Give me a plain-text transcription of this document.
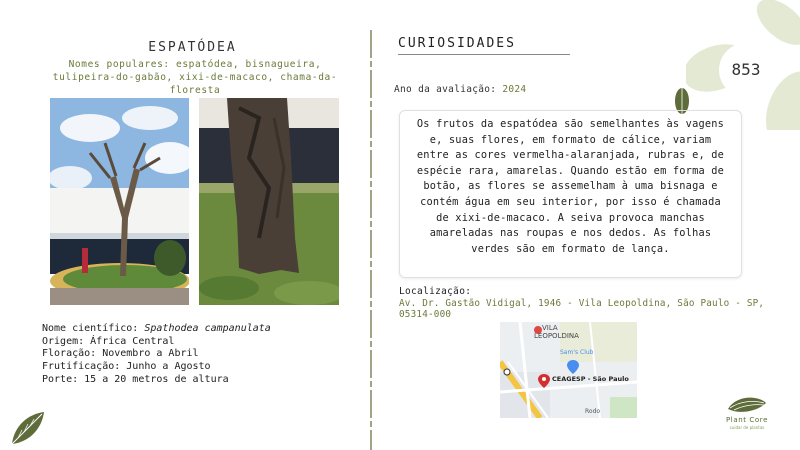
853
ESPATÓDEA
Nomes populares: espatódea, bisnagueira, tulipeira-do-gabão, xixi-de-macaco, chama-da-floresta
Nome científico: Spathodea campanulata
Origem: África Central
Floração: Novembro a Abril
Frutificação: Junho a Agosto
Porte: 15 a 20 metros de altura
CURIOSIDADES
Ano da avaliação: 2024
Os frutos da espatódea são semelhantes às vagens e, suas flores, em formato de cálice, variam entre as cores vermelha-alaranjada, rubras e, de espécie rara, amarelas. Quando estão em forma de botão, as flores se assemelham à uma bisnaga e contém água em seu interior, por isso é chamada de xixi-de-macaco. A seiva provoca manchas amareladas nas roupas e nos dedos. As folhas verdes são em formato de lança.
Localização:
Av. Dr. Gastão Vidigal, 1946 - Vila Leopoldina, São Paulo - SP, 05314-000
VILA
LEOPOLDINA
Sam's Club
CEAGESP - São Paulo
Rodo
Plant Core
cuidar de plantas
